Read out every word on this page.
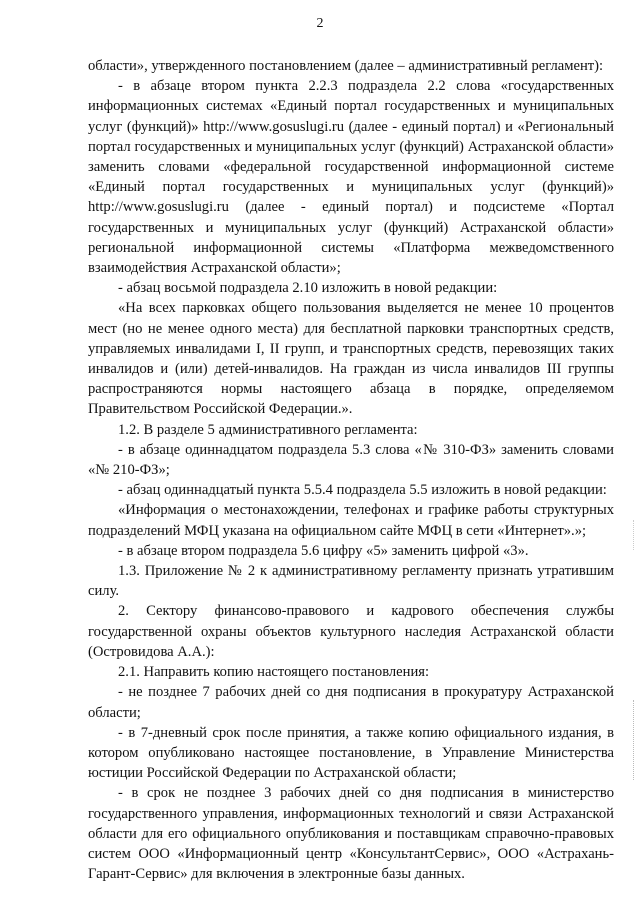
2

области», утвержденного постановлением (далее – административный регламент):

- в абзаце втором пункта 2.2.3 подраздела 2.2 слова «государственных информационных системах «Единый портал государственных и муниципальных услуг (функций)» http://www.gosuslugi.ru (далее - единый портал) и «Региональный портал государственных и муниципальных услуг (функций) Астраханской области» заменить словами «федеральной государственной информационной системе «Единый портал государственных и муниципальных услуг (функций)» http://www.gosuslugi.ru (далее - единый портал) и подсистеме «Портал государственных и муниципальных услуг (функций) Астраханской области» региональной информационной системы «Платформа межведомственного взаимодействия Астраханской области»;

- абзац восьмой подраздела 2.10 изложить в новой редакции:

«На всех парковках общего пользования выделяется не менее 10 процентов мест (но не менее одного места) для бесплатной парковки транспортных средств, управляемых инвалидами I, II групп, и транспортных средств, перевозящих таких инвалидов и (или) детей-инвалидов. На граждан из числа инвалидов III группы распространяются нормы настоящего абзаца в порядке, определяемом Правительством Российской Федерации.».

1.2. В разделе 5 административного регламента:

- в абзаце одиннадцатом подраздела 5.3 слова «№ 310-ФЗ» заменить словами «№ 210-ФЗ»;

- абзац одиннадцатый пункта 5.5.4 подраздела 5.5 изложить в новой редакции:

«Информация о местонахождении, телефонах и графике работы структурных подразделений МФЦ указана на официальном сайте МФЦ в сети «Интернет».»;

- в абзаце втором подраздела 5.6 цифру «5» заменить цифрой «3».

1.3. Приложение № 2 к административному регламенту признать утратившим силу.

2. Сектору финансово-правового и кадрового обеспечения службы государственной охраны объектов культурного наследия Астраханской области (Островидова А.А.):

2.1. Направить копию настоящего постановления:

- не позднее 7 рабочих дней со дня подписания в прокуратуру Астраханской области;

- в 7-дневный срок после принятия, а также копию официального издания, в котором опубликовано настоящее постановление, в Управление Министерства юстиции Российской Федерации по Астраханской области;

- в срок не позднее 3 рабочих дней со дня подписания в министерство государственного управления, информационных технологий и связи Астраханской области для его официального опубликования и поставщикам справочно-правовых систем ООО «Информационный центр «КонсультантСервис», ООО «Астрахань-Гарант-Сервис» для включения в электронные базы данных.
